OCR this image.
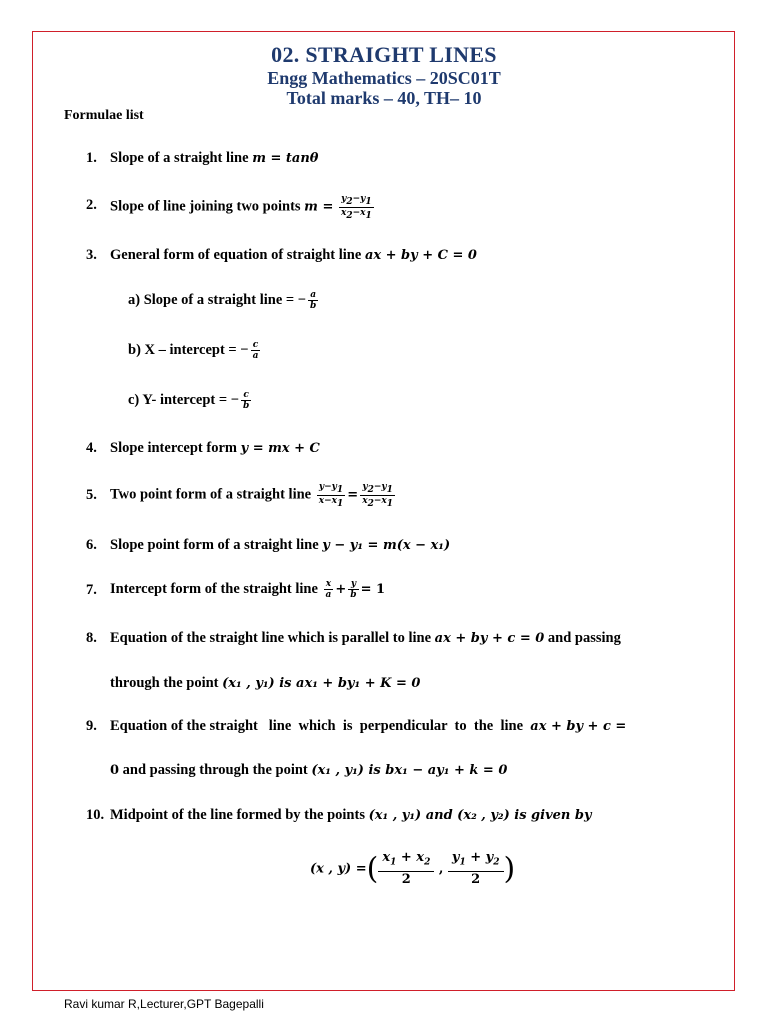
02. STRAIGHT LINES
Engg Mathematics – 20SC01T
Total marks – 40, TH– 10
Formulae list
1. Slope of a straight line m = tanθ
2. Slope of line joining two points $m = \frac{y_2-y_1}{x_2-x_1}$
3. General form of equation of straight line ax + by + C = 0
a) Slope of a straight line = − $\frac{a}{b}$
b) X – intercept = − $\frac{c}{a}$
c) Y- intercept = − $\frac{c}{b}$
4. Slope intercept form y = mx + C
5. Two point form of a straight line $\frac{y-y_1}{x-x_1} = \frac{y_2-y_1}{x_2-x_1}$
6. Slope point form of a straight line y − y₁ = m(x − x₁)
7. Intercept form of the straight line $\frac{x}{a} + \frac{y}{b} = 1$
8. Equation of the straight line which is parallel to line ax + by + c = 0 and passing
through the point (x₁ , y₁) is ax₁ + by₁ + K = 0
9. Equation of the straight   line  which  is  perpendicular  to  the  line ax + by + c =
0 and passing through the point (x₁ , y₁) is bx₁ − ay₁ + k = 0
10. Midpoint of the line formed by the points (x₁ , y₁) and (x₂ , y₂) is given by
(x , y) =( $\frac{x_1 + x_2}{2}$ , $\frac{y_1 + y_2}{2}$ )
Ravi kumar R,Lecturer,GPT Bagepalli
